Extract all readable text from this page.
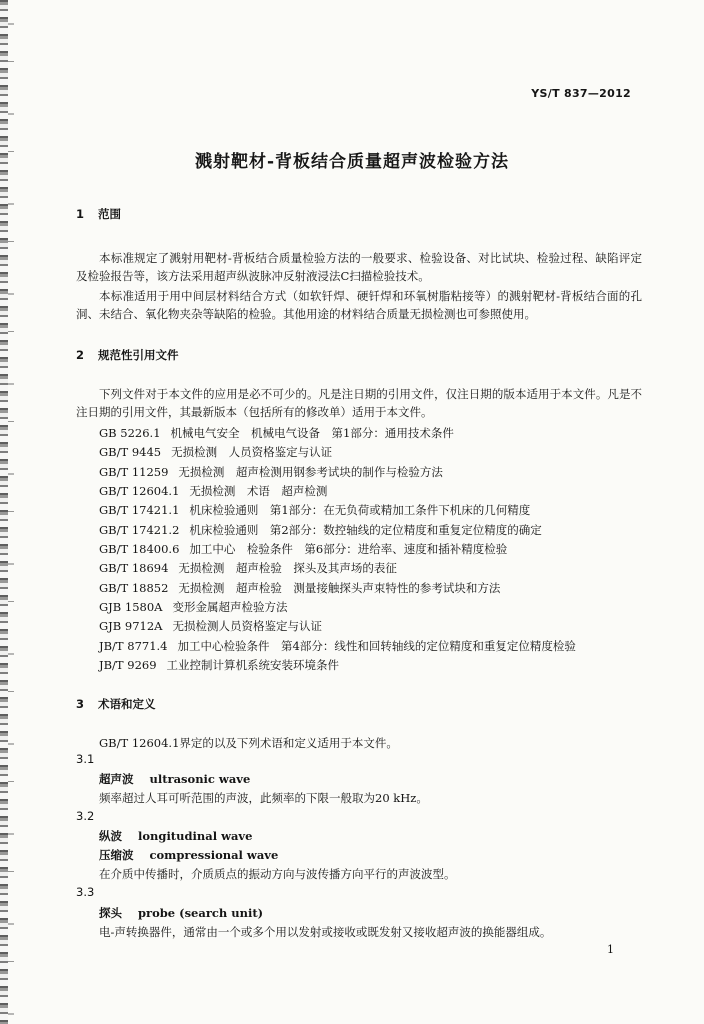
YS/T 837—2012
溅射靶材-背板结合质量超声波检验方法
1 范围

本标准规定了溅射用靶材-背板结合质量检验方法的一般要求、检验设备、对比试块、检验过程、缺陷评定及检验报告等，该方法采用超声纵波脉冲反射液浸法C扫描检验技术。

本标准适用于用中间层材料结合方式（如软钎焊、硬钎焊和环氧树脂粘接等）的溅射靶材-背板结合面的孔洞、未结合、氧化物夹杂等缺陷的检验。其他用途的材料结合质量无损检测也可参照使用。

2 规范性引用文件

下列文件对于本文件的应用是必不可少的。凡是注日期的引用文件，仅注日期的版本适用于本文件。凡是不注日期的引用文件，其最新版本（包括所有的修改单）适用于本文件。

GB 5226.1 机械电气安全　机械电气设备　第1部分：通用技术条件
GB/T 9445 无损检测　人员资格鉴定与认证
GB/T 11259 无损检测　超声检测用钢参考试块的制作与检验方法
GB/T 12604.1 无损检测　术语　超声检测
GB/T 17421.1 机床检验通则　第1部分：在无负荷或精加工条件下机床的几何精度
GB/T 17421.2 机床检验通则　第2部分：数控轴线的定位精度和重复定位精度的确定
GB/T 18400.6 加工中心　检验条件　第6部分：进给率、速度和插补精度检验
GB/T 18694 无损检测　超声检验　探头及其声场的表征
GB/T 18852 无损检测　超声检验　测量接触探头声束特性的参考试块和方法
GJB 1580A 变形金属超声检验方法
GJB 9712A 无损检测人员资格鉴定与认证
JB/T 8771.4 加工中心检验条件　第4部分：线性和回转轴线的定位精度和重复定位精度检验
JB/T 9269 工业控制计算机系统安装环境条件
3 术语和定义

GB/T 12604.1界定的以及下列术语和定义适用于本文件。

3.1
超声波 ultrasonic wave
频率超过人耳可听范围的声波，此频率的下限一般取为20 kHz。
3.2
纵波 longitudinal wave
压缩波 compressional wave
在介质中传播时，介质质点的振动方向与波传播方向平行的声波波型。
3.3
探头 probe (search unit)
电-声转换器件，通常由一个或多个用以发射或接收或既发射又接收超声波的换能器组成。
1
